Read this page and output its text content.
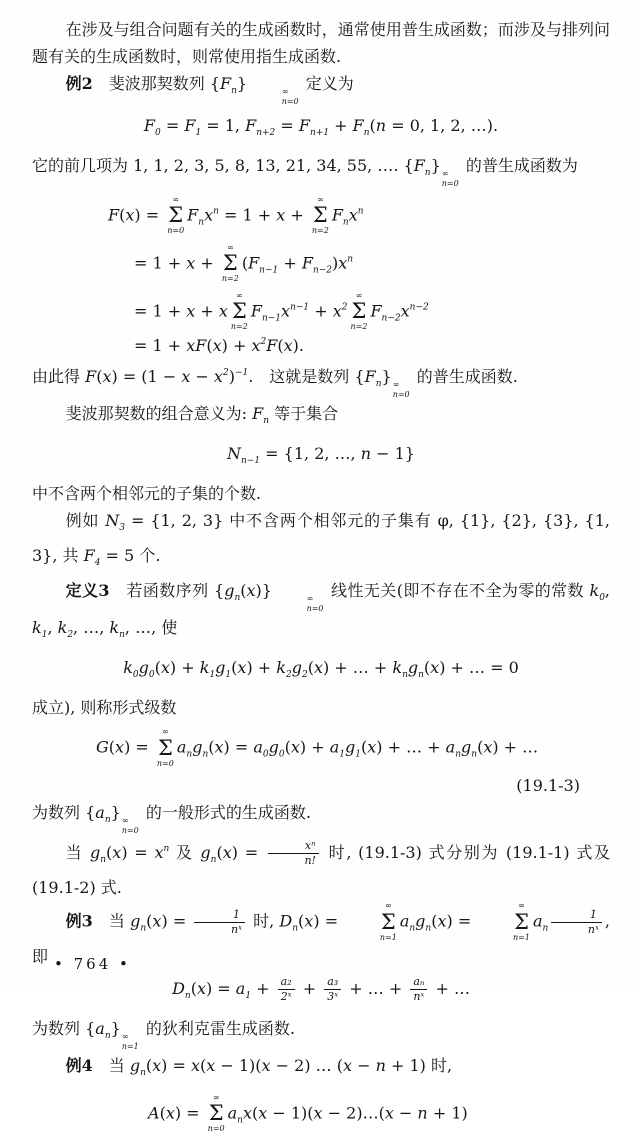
在涉及与组合问题有关的生成函数时，通常使用普生成函数；而涉及与排列问题有关的生成函数时，则常使用指生成函数.
例2　斐波那契数列 $\{F_n\}$	∞
n=0
定义为
$F_0 = F_1 = 1$, $F_{n+2} = F_{n+1} + F_n(n = 0$, 1, 2, …).
它的前几项为 1, 1, 2, 3, 5, 8, 13, 21, 34, 55, …. $\{F_n\}$ ∞
n=0
的普生成函数为
F(x) =
∞
Σ
n=0
$F_nx^n = 1 + x$ +
∞
Σ
n=2
$F_nx^n$
= 1 + x +
∞
Σ
n=2
$(F_{n-1} + F_{n-2})x^n$
= 1 + x + x
∞
Σ
n=2
$F_{n-1}x^{n-1} + x^2$
∞
Σ
n=2
$F_{n-2}x^{n-2}$
= $1 + xF(x) + x^2F(x)$.
由此得 $F(x) = (1 - x - x^2)^{-1}$.　这就是数列 $\{F_n\}$ ∞
n=0
的普生成函数.
斐波那契数的组合意义为: $F_n$ 等于集合
$N_{n-1} = \{1$, 2, …, n − 1}
中不含两个相邻元的子集的个数.
例如 $N_3 = \{1$, 2, 3} 中不含两个相邻元的子集有 φ, {1}, {2}, {3}, {1, 3}, 共 $F_4 = 5$ 个.
定义3　若函数序列 $\{g_n(x)\}$	∞
n=0
线性无关(即不存在不全为零的常数 $k_0$, $k_1$, $k_2$, …, $k_n$, …, 使
$k_0g_0(x) + k_1g_1(x) + k_2g_2(x)$ + … + $k_ng_n(x)$ + … = 0
成立), 则称形式级数
G(x) =
∞
Σ
n=0
$a_ng_n(x) = a_0g_0(x) + a_1g_1(x)$ + … + $a_ng_n(x)$ + …
(19.1-3)
为数列 $\{a_n\}$ ∞
n=0
的一般形式的生成函数.
当 $g_n(x) = x^n$ 及 $g_n(x) = \frac{\text{xⁿ}}{n!}$ 时, (19.1-3) 式分别为 (19.1-1) 式及 (19.1-2) 式.
例3　当 $g_n(x) = \frac{1}{\text{nˣ}}$ 时, $D_n(x)$ =
∞
Σ
n=1
$a_ng_n(x)$ =
∞
Σ
n=1
$a_n \frac{1}{\text{nˣ}}$ , 即
$D_n(x) = a_1 + \frac{\text{a₂}}{\text{2ˣ}} + \frac{\text{a₃}}{\text{3ˣ}}$ + … + $\frac{\text{aₙ}}{\text{nˣ}}$ + …
为数列 $\{a_n\}$ ∞
n=1
的狄利克雷生成函数.
例4　当 $g_n(x) = x(x - 1)(x - 2)$ … (x − n + 1) 时,
A(x) =
∞
Σ
n=0
$a_nx(x - 1)(x$ − 2)…(x − n + 1)
• 764 •
